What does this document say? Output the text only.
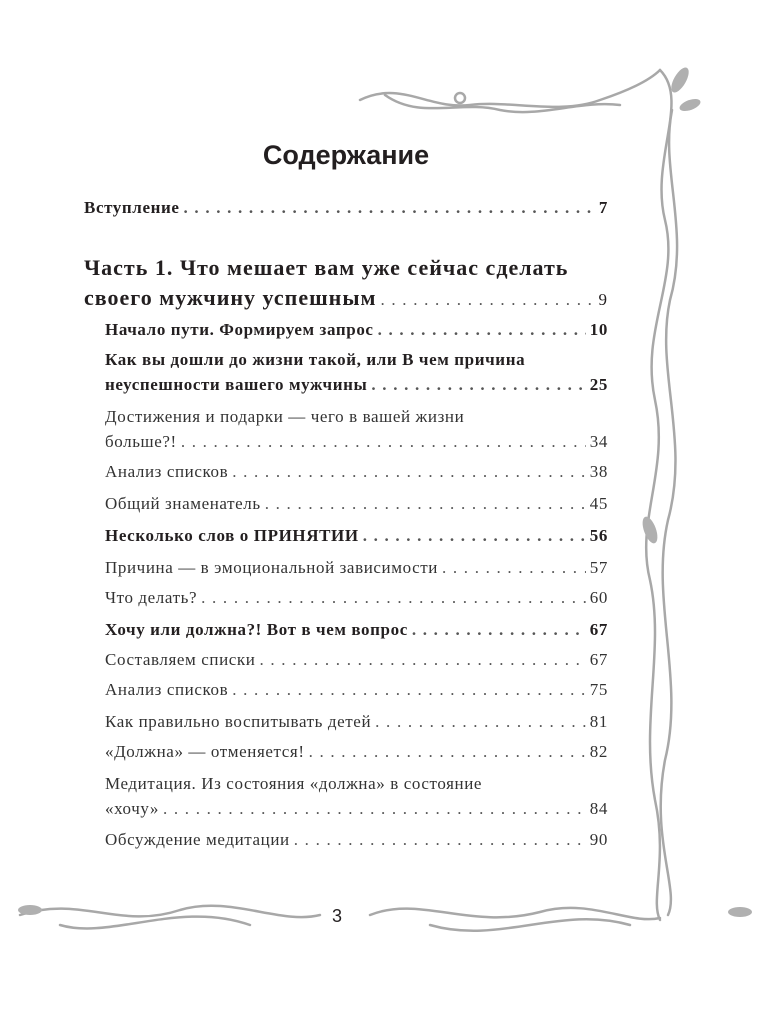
Содержание
Вступление . . .	7
Часть 1. Что мешает вам уже сейчас сделать
своего мужчину успешным . . .	9
Начало пути. Формируем запрос . . .	10
Как вы дошли до жизни такой, или В чем причина
неуспешности вашего мужчины . . .	25
Достижения и подарки — чего в вашей жизни
больше?! . . .	34
Анализ списков . . .	38
Общий знаменатель . . .	45
Несколько слов о ПРИНЯТИИ . . .	56
Причина — в эмоциональной зависимости . . .	57
Что делать? . . .	60
Хочу или должна?! Вот в чем вопрос . . .	67
Составляем списки . . .	67
Анализ списков . . .	75
Как правильно воспитывать детей . . .	81
«Должна» — отменяется! . . .	82
Медитация. Из состояния «должна» в состояние
«хочу» . . .	84
Обсуждение медитации . . .	90
3
